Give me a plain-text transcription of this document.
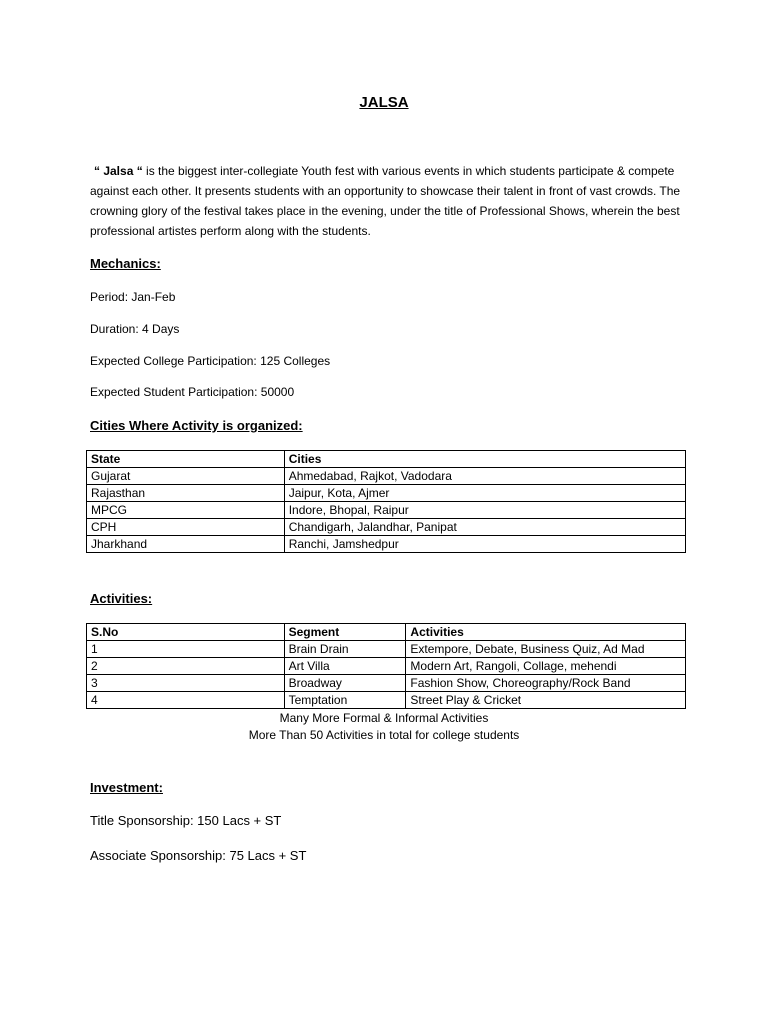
JALSA
“ Jalsa “ is the biggest inter-collegiate Youth fest with various events in which students participate & compete against each other. It presents students with an opportunity to showcase their talent in front of vast crowds. The crowning glory of the festival takes place in the evening, under the title of Professional Shows, wherein the best professional artistes perform along with the students.
Mechanics:
Period: Jan-Feb
Duration: 4 Days
Expected College Participation: 125 Colleges
Expected Student Participation: 50000
Cities Where Activity is organized:
State	Cities
Gujarat	Ahmedabad, Rajkot, Vadodara
Rajasthan	Jaipur, Kota, Ajmer
MPCG	Indore, Bhopal, Raipur
CPH	Chandigarh, Jalandhar, Panipat
Jharkhand	Ranchi, Jamshedpur
Activities:
S.No	Segment	Activities
1	Brain Drain	Extempore, Debate, Business Quiz, Ad Mad
2	Art Villa	Modern Art, Rangoli, Collage, mehendi
3	Broadway	Fashion Show, Choreography/Rock Band
4	Temptation	Street Play & Cricket
Many More Formal & Informal Activities
More Than 50 Activities in total for college students
Investment:
Title Sponsorship: 150 Lacs + ST
Associate Sponsorship: 75 Lacs + ST
